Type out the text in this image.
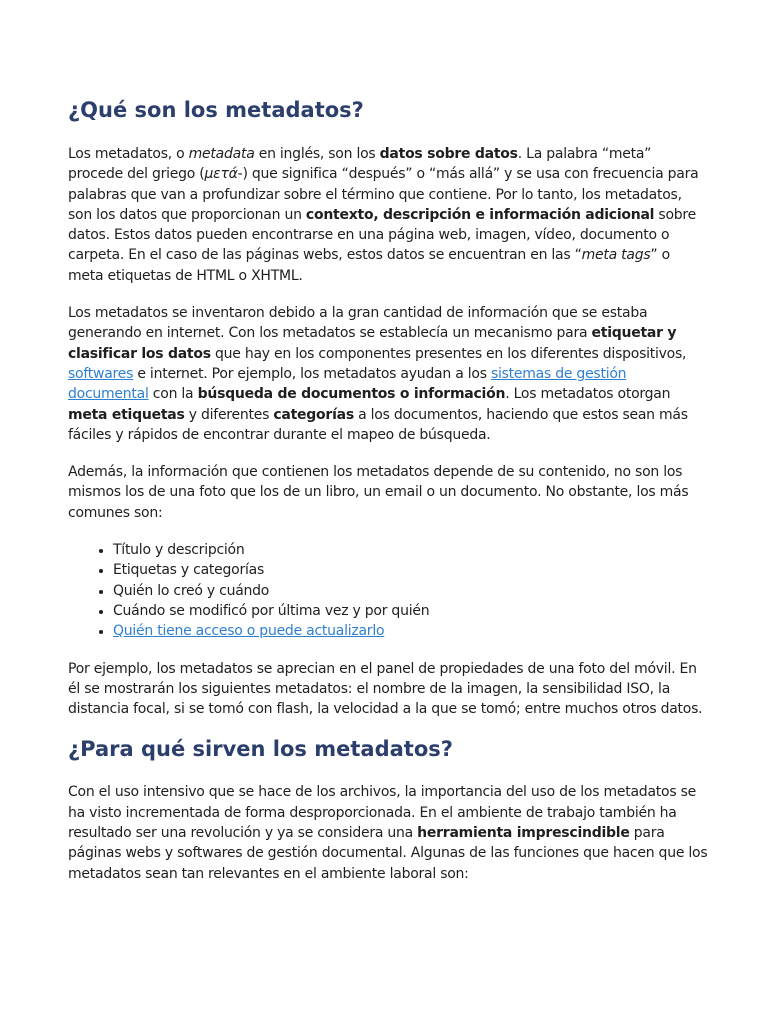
¿Qué son los metadatos?

Los metadatos, o metadata en inglés, son los datos sobre datos. La palabra “meta” procede del griego (μετά-) que significa “después” o “más allá” y se usa con frecuencia para palabras que van a profundizar sobre el término que contiene. Por lo tanto, los metadatos, son los datos que proporcionan un contexto, descripción e información adicional sobre datos. Estos datos pueden encontrarse en una página web, imagen, vídeo, documento o carpeta. En el caso de las páginas webs, estos datos se encuentran en las “meta tags” o meta etiquetas de HTML o XHTML.

Los metadatos se inventaron debido a la gran cantidad de información que se estaba generando en internet. Con los metadatos se establecía un mecanismo para etiquetar y clasificar los datos que hay en los componentes presentes en los diferentes dispositivos, softwares e internet. Por ejemplo, los metadatos ayudan a los sistemas de gestión documental con la búsqueda de documentos o información. Los metadatos otorgan meta etiquetas y diferentes categorías a los documentos, haciendo que estos sean más fáciles y rápidos de encontrar durante el mapeo de búsqueda.

Además, la información que contienen los metadatos depende de su contenido, no son los mismos los de una foto que los de un libro, un email o un documento. No obstante, los más comunes son:

• Título y descripción
• Etiquetas y categorías
• Quién lo creó y cuándo
• Cuándo se modificó por última vez y por quién
• Quién tiene acceso o puede actualizarlo

Por ejemplo, los metadatos se aprecian en el panel de propiedades de una foto del móvil. En él se mostrarán los siguientes metadatos: el nombre de la imagen, la sensibilidad ISO, la distancia focal, si se tomó con flash, la velocidad a la que se tomó; entre muchos otros datos.

¿Para qué sirven los metadatos?

Con el uso intensivo que se hace de los archivos, la importancia del uso de los metadatos se ha visto incrementada de forma desproporcionada. En el ambiente de trabajo también ha resultado ser una revolución y ya se considera una herramienta imprescindible para páginas webs y softwares de gestión documental. Algunas de las funciones que hacen que los metadatos sean tan relevantes en el ambiente laboral son:
